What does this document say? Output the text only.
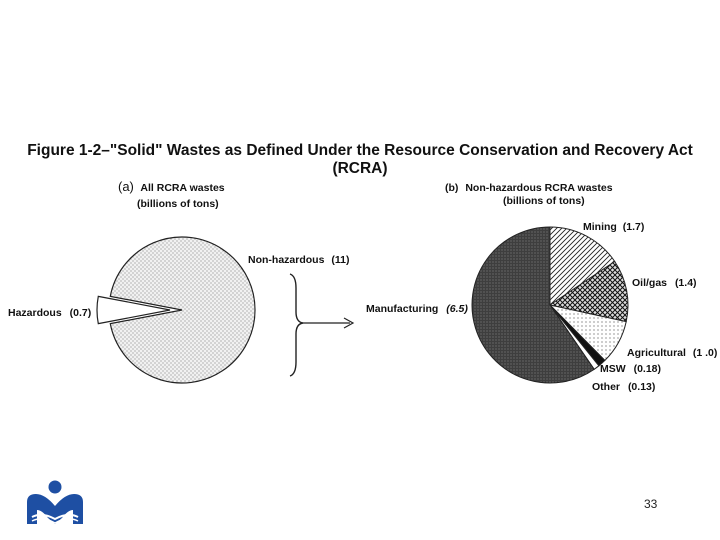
Figure 1-2–"Solid" Wastes as Defined Under the Resource Conservation and Recovery Act (RCRA)
(a) All RCRA wastes
(billions of tons)
Non-hazardous (11)
Hazardous (0.7)
(b) Non-hazardous RCRA wastes
(billions of tons)
Mining (1.7)
Oil/gas (1.4)
Agricultural (1 .0)
MSW (0.18)
Other (0.13)
Manufacturing (6.5)
33
